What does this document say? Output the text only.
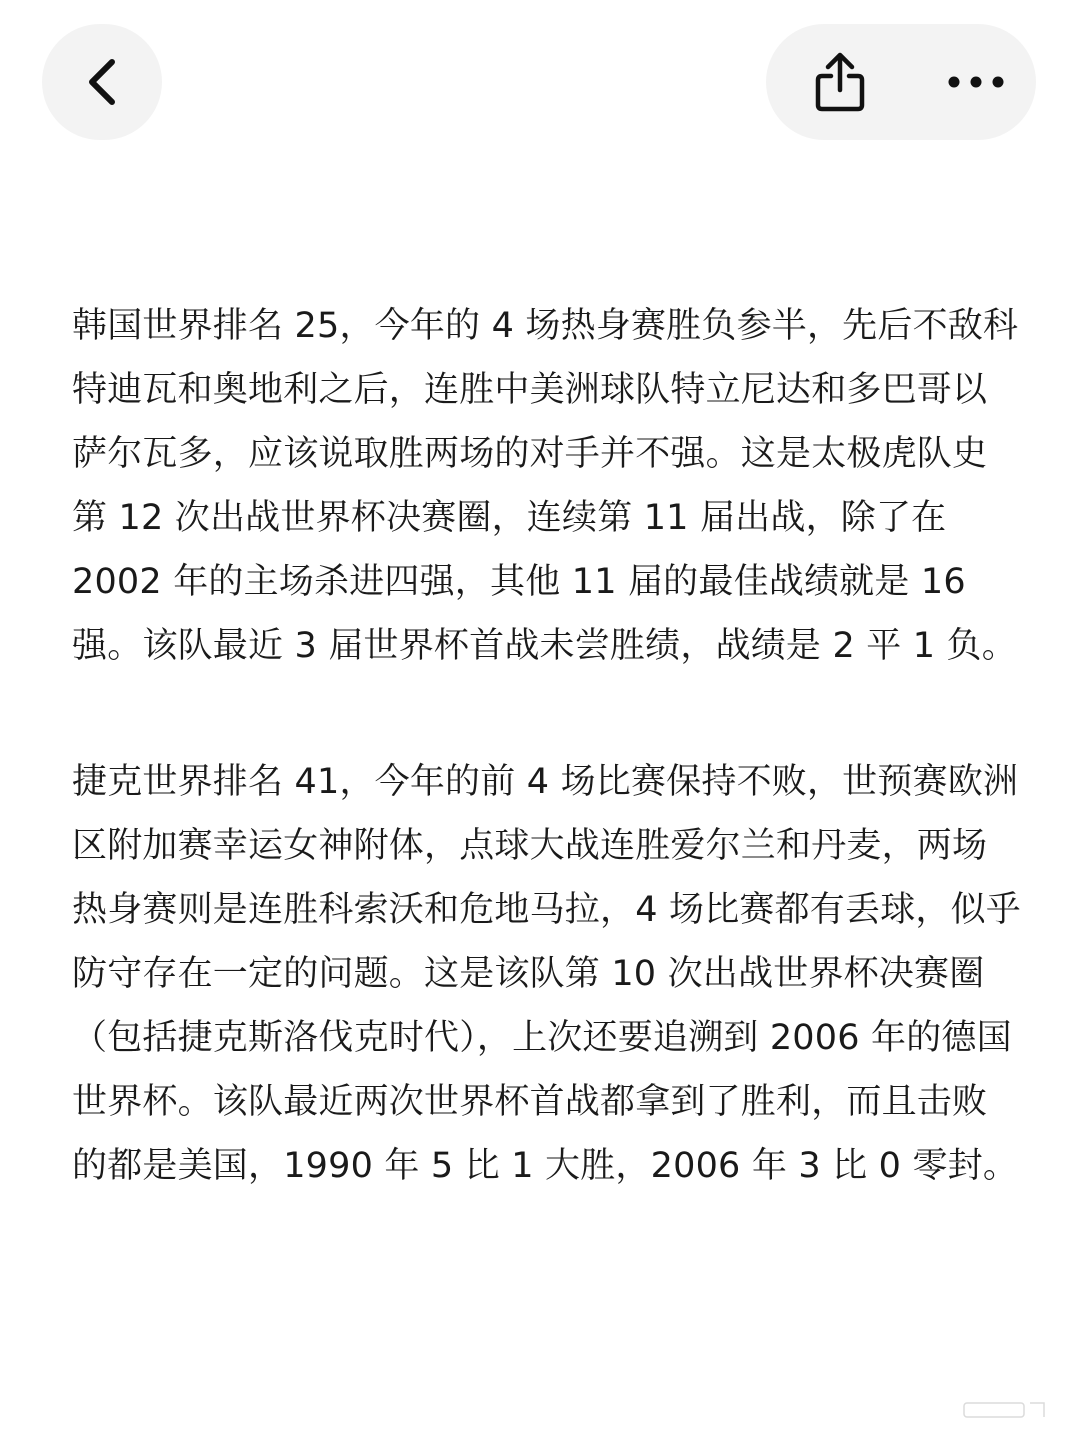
韩国世界排名 25，今年的 4 场热身赛胜负参半，先后不敌科特迪瓦和奥地利之后，连胜中美洲球队特立尼达和多巴哥以萨尔瓦多，应该说取胜两场的对手并不强。这是太极虎队史第 12 次出战世界杯决赛圈，连续第 11 届出战，除了在 2002 年的主场杀进四强，其他 11 届的最佳战绩就是 16 强。该队最近 3 届世界杯首战未尝胜绩，战绩是 2 平 1 负。

捷克世界排名 41，今年的前 4 场比赛保持不败，世预赛欧洲区附加赛幸运女神附体，点球大战连胜爱尔兰和丹麦，两场热身赛则是连胜科索沃和危地马拉，4 场比赛都有丢球，似乎防守存在一定的问题。这是该队第 10 次出战世界杯决赛圈（包括捷克斯洛伐克时代），上次还要追溯到 2006 年的德国世界杯。该队最近两次世界杯首战都拿到了胜利，而且击败的都是美国，1990 年 5 比 1 大胜，2006 年 3 比 0 零封。
